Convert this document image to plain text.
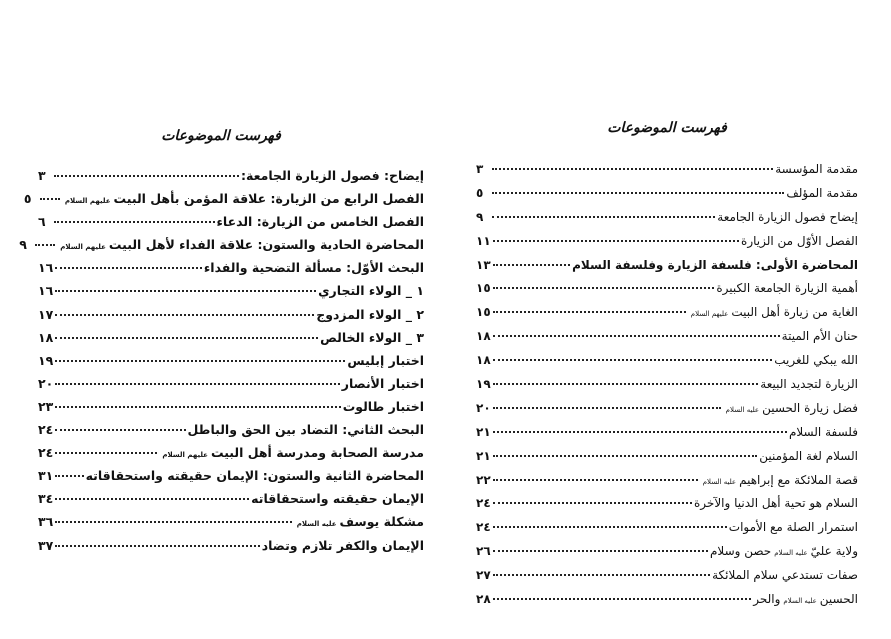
فهرست الموضوعات
إيضاح: فصول الزيارة الجامعة:
٣
الفصل الرابع من الزيارة: علاقة المؤمن بأهل البيت
عليهم السلام
٥
الفصل الخامس من الزيارة: الدعاء
٦
المحاضرة الحادية والستون: علاقة الفداء لأهل البيت
عليهم السلام
٩
البحث الأوّل: مسألة التضحية والفداء
١٦
١ _ الولاء التجاري
١٦
٢ _ الولاء المزدوج
١٧
٣ _ الولاء الخالص
١٨
اختبار إبليس
١٩
اختبار الأنصار
٢٠
اختبار طالوت
٢٣
البحث الثاني: التضاد بين الحق والباطل
٢٤
مدرسة الصحابة ومدرسة أهل البيت
عليهم السلام
٢٤
المحاضرة الثانية والستون: الإيمان حقيقته واستحقاقاته
٣١
الإيمان حقيقته واستحقاقاته
٣٤
مشكلة يوسف
عليه السلام
٣٦
الإيمان والكفر تلازم وتضاد
٣٧
فهرست الموضوعات
مقدمة المؤسسة
٣
مقدمة المؤلف
٥
إيضاح فصول الزيارة الجامعة
٩
الفصل الأوّل من الزيارة
١١
المحاضرة الأولى: فلسفة الزيارة وفلسفة السلام
١٣
أهمية الزيارة الجامعة الكبيرة
١٥
الغاية من زيارة أهل البيت
عليهم السلام
١٥
حنان الأم الميتة
١٨
الله يبكي للغريب
١٨
الزيارة لتجديد البيعة
١٩
فضل زيارة الحسين
عليه السلام
٢٠
فلسفة السلام
٢١
السلام لغة المؤمنين
٢١
قصة الملائكة مع إبراهيم
عليه السلام
٢٢
السلام هو تحية أهل الدنيا والآخرة
٢٤
استمرار الصلة مع الأموات
٢٤
ولاية عليّ
عليه السلام
حصن وسلام
٢٦
صفات تستدعي سلام الملائكة
٢٧
الحسين
عليه السلام
والحر
٢٨
